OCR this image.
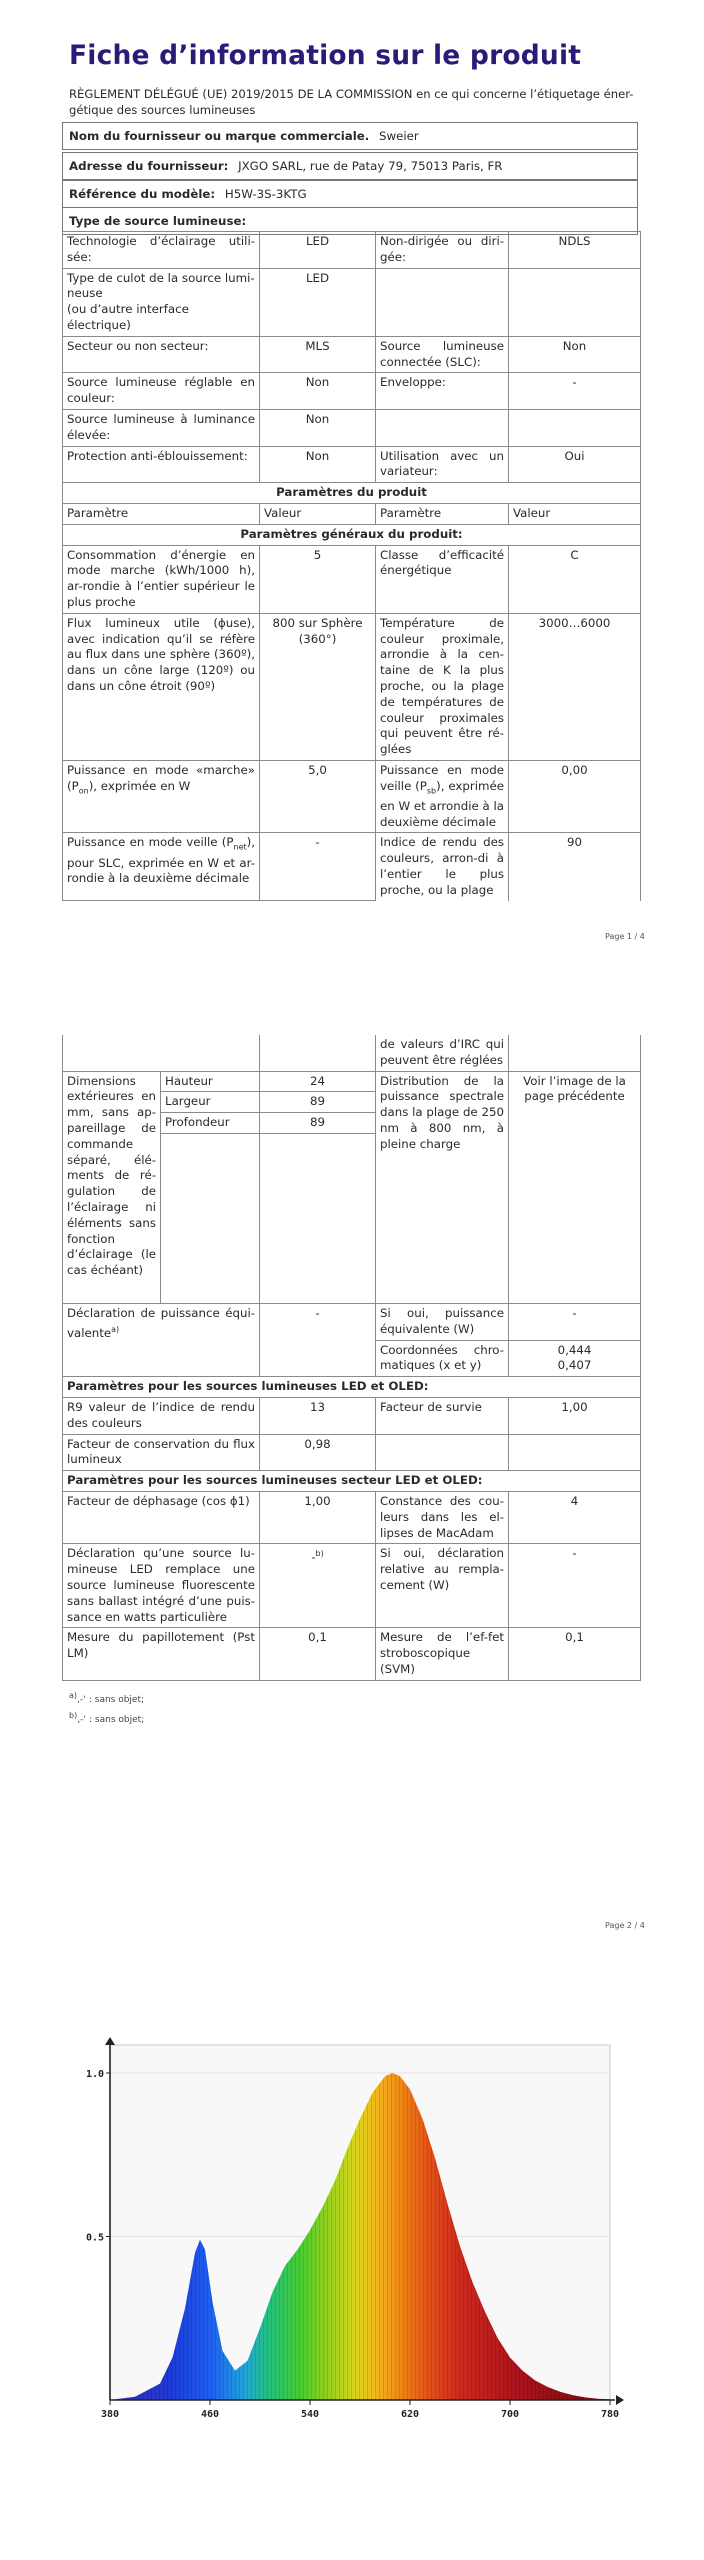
Fiche d’information sur le produit
RÈGLEMENT DÉLÉGUÉ (UE) 2019/2015 DE LA COMMISSION en ce qui concerne l’étiquetage éner-gétique des sources lumineuses
Nom du fournisseur ou marque commerciale. Sweier
Adresse du fournisseur: JXGO SARL, rue de Patay 79, 75013 Paris, FR
Référence du modèle: H5W-3S-3KTG
Type de source lumineuse:
Technologie d’éclairage utili-sée:	LED	Non-dirigée ou diri-gée:	NDLS

Type de culot de la source lumi-neuse
(ou d’autre interface électrique)	LED		
Secteur ou non secteur:	MLS	Source lumineuse connectée (SLC):	Non
Source lumineuse réglable en couleur:	Non	Enveloppe:	-
Source lumineuse à luminance élevée:	Non		
Protection anti-éblouissement:	Non	Utilisation avec un variateur:	Oui
Paramètres du produit			
Paramètre	Valeur	Paramètre	Valeur
Paramètres généraux du produit:			
Consommation d’énergie en mode marche (kWh/1000 h), ar-rondie à l’entier supérieur le plus proche	5	Classe d’efficacité énergétique	C
Flux lumineux utile (ϕuse), avec indication qu’il se réfère au flux dans une sphère (360º), dans un cône large (120º) ou dans un cône étroit (90º)	800 sur Sphère (360°)	Température de couleur proximale, arrondie à la cen-taine de K la plus proche, ou la plage de températures de couleur proximales qui peuvent être ré-glées	3000…6000
Puissance en mode «marche» $(P_{on})$, exprimée en W	5,0	Puissance en mode veille $(P_{sb})$, exprimée en W et arrondie à la deuxième décimale	0,00
Puissance en mode veille $(P_{net})$, pour SLC, exprimée en W et ar-rondie à la deuxième décimale	-	Indice de rendu des couleurs, arron-di à l’entier le plus proche, ou la plage	90
Page 1 / 4
			de valeurs d’IRC qui peuvent être réglées	
Dimensions extérieures en mm, sans ap-pareillage de commande séparé, élé-ments de ré-gulation de l’éclairage ni éléments sans fonction d’éclairage (le cas échéant)	Hauteur	24	Distribution de la puissance spectrale dans la plage de 250 nm à 800 nm, à pleine charge	Voir l’image de la page précédente
	Largeur	89		
	Profondeur	89		

Déclaration de puissance équi-valente$^{a)}$		-	Si oui, puissance équivalente (W)	-
			Coordonnées chro-matiques (x et y)	0,444
0,407

Paramètres pour les sources lumineuses LED et OLED:				
R9 valeur de l’indice de rendu des couleurs		13	Facteur de survie	1,00
Facteur de conservation du flux lumineux		0,98		
Paramètres pour les sources lumineuses secteur LED et OLED:				
Facteur de déphasage (cos ϕ1)		1,00	Constance des cou-leurs dans les el-lipses de MacAdam	4
Déclaration qu’une source lu-mineuse LED remplace une source lumineuse fluorescente sans ballast intégré d’une puis-sance en watts particulière		-$^{b)}$	Si oui, déclaration relative au rempla-cement (W)	-
Mesure du papillotement (Pst LM)		0,1	Mesure de l’ef-fet stroboscopique (SVM)	0,1
a)‚-‘ : sans objet;
b)‚-‘ : sans objet;
Page 2 / 4
380	460	540	620	700	780
0.5
1.0
